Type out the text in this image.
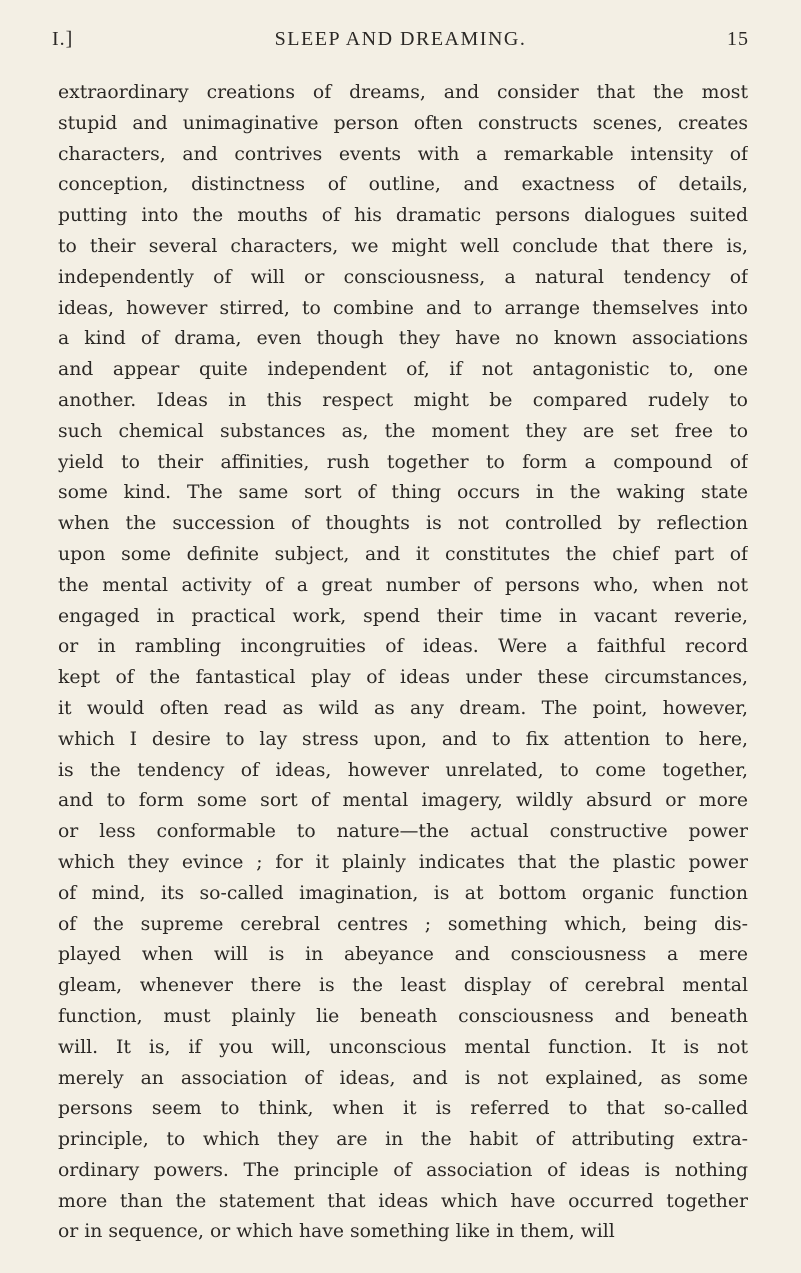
I.]	SLEEP AND DREAMING.	15
extraordinary creations of dreams, and consider that the most
stupid and unimaginative person often constructs scenes, creates
characters, and contrives events with a remarkable intensity of
conception, distinctness of outline, and exactness of details,
putting into the mouths of his dramatic persons dialogues suited
to their several characters, we might well conclude that there is,
independently of will or consciousness, a natural tendency of
ideas, however stirred, to combine and to arrange themselves into
a kind of drama, even though they have no known associations
and appear quite independent of, if not antagonistic to, one
another. Ideas in this respect might be compared rudely to
such chemical substances as, the moment they are set free to
yield to their affinities, rush together to form a compound of
some kind. The same sort of thing occurs in the waking state
when the succession of thoughts is not controlled by reflection
upon some definite subject, and it constitutes the chief part of
the mental activity of a great number of persons who, when not
engaged in practical work, spend their time in vacant reverie,
or in rambling incongruities of ideas. Were a faithful record
kept of the fantastical play of ideas under these circumstances,
it would often read as wild as any dream. The point, however,
which I desire to lay stress upon, and to fix attention to here,
is the tendency of ideas, however unrelated, to come together,
and to form some sort of mental imagery, wildly absurd or more
or less conformable to nature—the actual constructive power
which they evince ; for it plainly indicates that the plastic power
of mind, its so-called imagination, is at bottom organic function
of the supreme cerebral centres ; something which, being dis-
played when will is in abeyance and consciousness a mere
gleam, whenever there is the least display of cerebral mental
function, must plainly lie beneath consciousness and beneath
will. It is, if you will, unconscious mental function. It is not
merely an association of ideas, and is not explained, as some
persons seem to think, when it is referred to that so-called
principle, to which they are in the habit of attributing extra-
ordinary powers. The principle of association of ideas is nothing
more than the statement that ideas which have occurred together
or in sequence, or which have something like in them, will
